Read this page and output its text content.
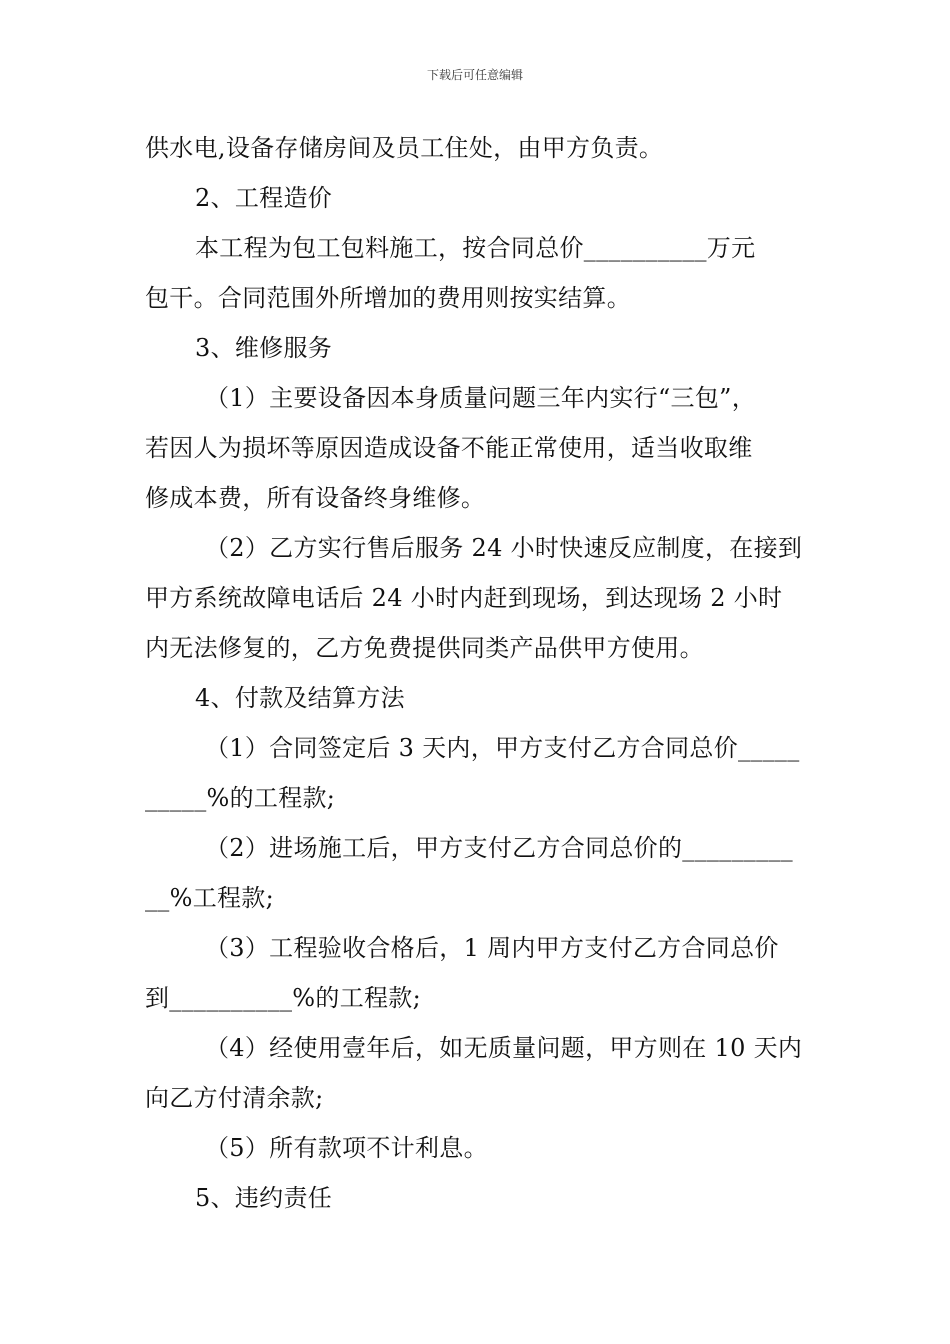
下载后可任意编辑
供水电,设备存储房间及员工住处，由甲方负责。
2、工程造价
本工程为包工包料施工，按合同总价__________万元
包干。合同范围外所增加的费用则按实结算。
3、维修服务
（1）主要设备因本身质量问题三年内实行“三包”，
若因人为损坏等原因造成设备不能正常使用，适当收取维
修成本费，所有设备终身维修。
（2）乙方实行售后服务 24 小时快速反应制度，在接到
甲方系统故障电话后 24 小时内赶到现场，到达现场 2 小时
内无法修复的，乙方免费提供同类产品供甲方使用。
4、付款及结算方法
（1）合同签定后 3 天内，甲方支付乙方合同总价_____
_____%的工程款;
（2）进场施工后，甲方支付乙方合同总价的_________
__%工程款;
（3）工程验收合格后，1 周内甲方支付乙方合同总价
到__________%的工程款;
（4）经使用壹年后，如无质量问题，甲方则在 10 天内
向乙方付清余款;
（5）所有款项不计利息。
5、违约责任
